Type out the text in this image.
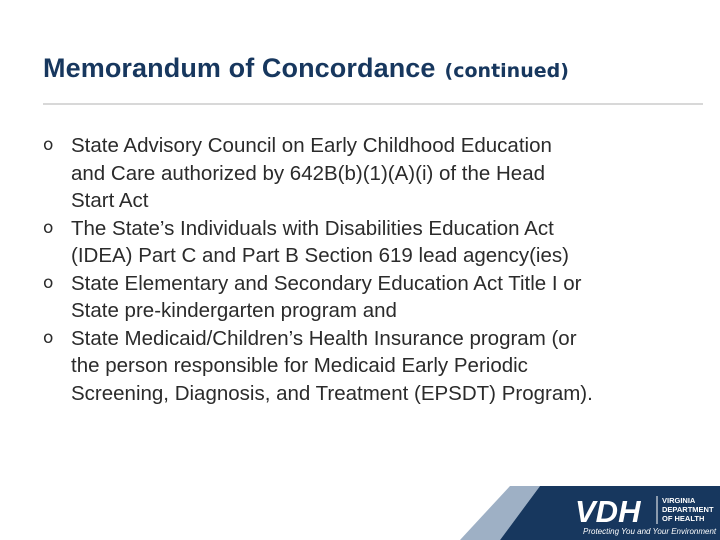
Memorandum of Concordance (continued)
o State Advisory Council on Early Childhood Education
and Care authorized by 642B(b)(1)(A)(i) of the Head
Start Act
o The State’s Individuals with Disabilities Education Act
(IDEA) Part C and Part B Section 619 lead agency(ies)
o State Elementary and Secondary Education Act Title I or
State pre-kindergarten program and
o State Medicaid/Children’s Health Insurance program (or
the person responsible for Medicaid Early Periodic
Screening, Diagnosis, and Treatment (EPSDT) Program).
VDH	VIRGINIA
DEPARTMENT
OF HEALTH
Protecting You and Your Environment
